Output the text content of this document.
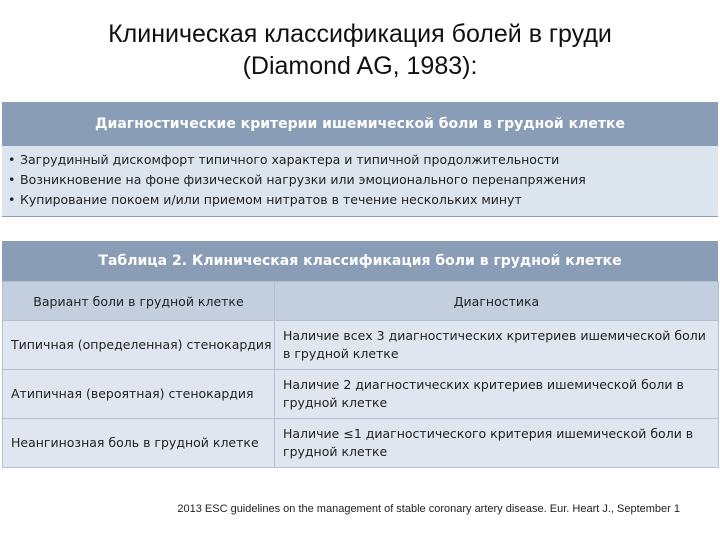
Клиническая классификация болей в груди
(Diamond AG, 1983):
Диагностические критерии ишемической боли в грудной клетке
• Загрудинный дискомфорт типичного характера и типичной продолжительности
• Возникновение на фоне физической нагрузки или эмоционального перенапряжения
• Купирование покоем и/или приемом нитратов в течение нескольких минут
Таблица 2. Клиническая классификация боли в грудной клетке
Вариант боли в грудной клетке	Диагностика
Типичная (определенная) стенокардия	Наличие всех 3 диагностических критериев ишемической боли в грудной клетке
Атипичная (вероятная) стенокардия	Наличие 2 диагностических критериев ишемической боли в грудной клетке
Неангинозная боль в грудной клетке	Наличие ≤1 диагностического критерия ишемической боли в грудной клетке
2013 ESC guidelines on the management of stable coronary artery disease. Eur. Heart J., September 1
